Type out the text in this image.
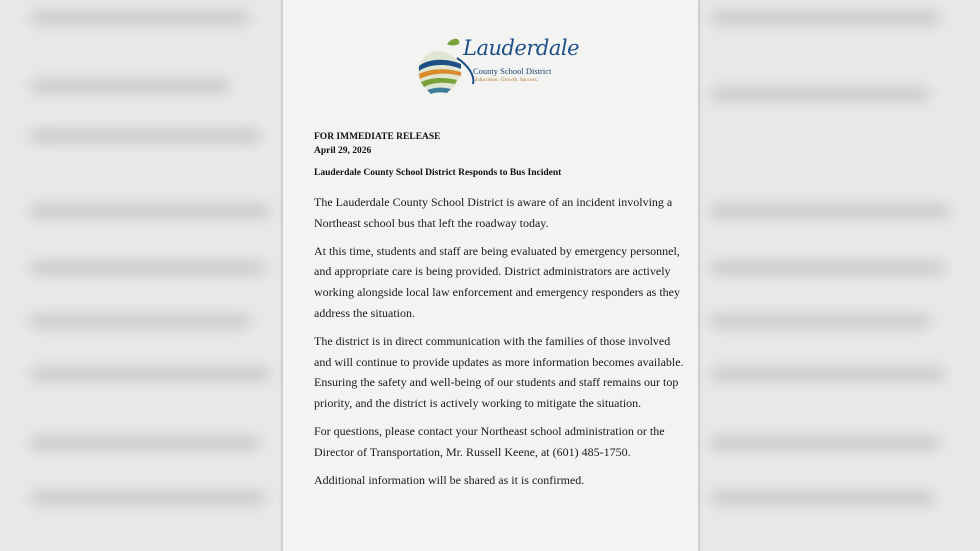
Lauderdale
County School District
Education. Growth. Success.
FOR IMMEDIATE RELEASE
April 29, 2026
Lauderdale County School District Responds to Bus Incident

The Lauderdale County School District is aware of an incident involving a Northeast school bus that left the roadway today.

At this time, students and staff are being evaluated by emergency personnel, and appropriate care is being provided. District administrators are actively working alongside local law enforcement and emergency responders as they address the situation.

The district is in direct communication with the families of those involved and will continue to provide updates as more information becomes available. Ensuring the safety and well-being of our students and staff remains our top priority, and the district is actively working to mitigate the situation.

For questions, please contact your Northeast school administration or the Director of Transportation, Mr. Russell Keene, at (601) 485-1750.

Additional information will be shared as it is confirmed.
